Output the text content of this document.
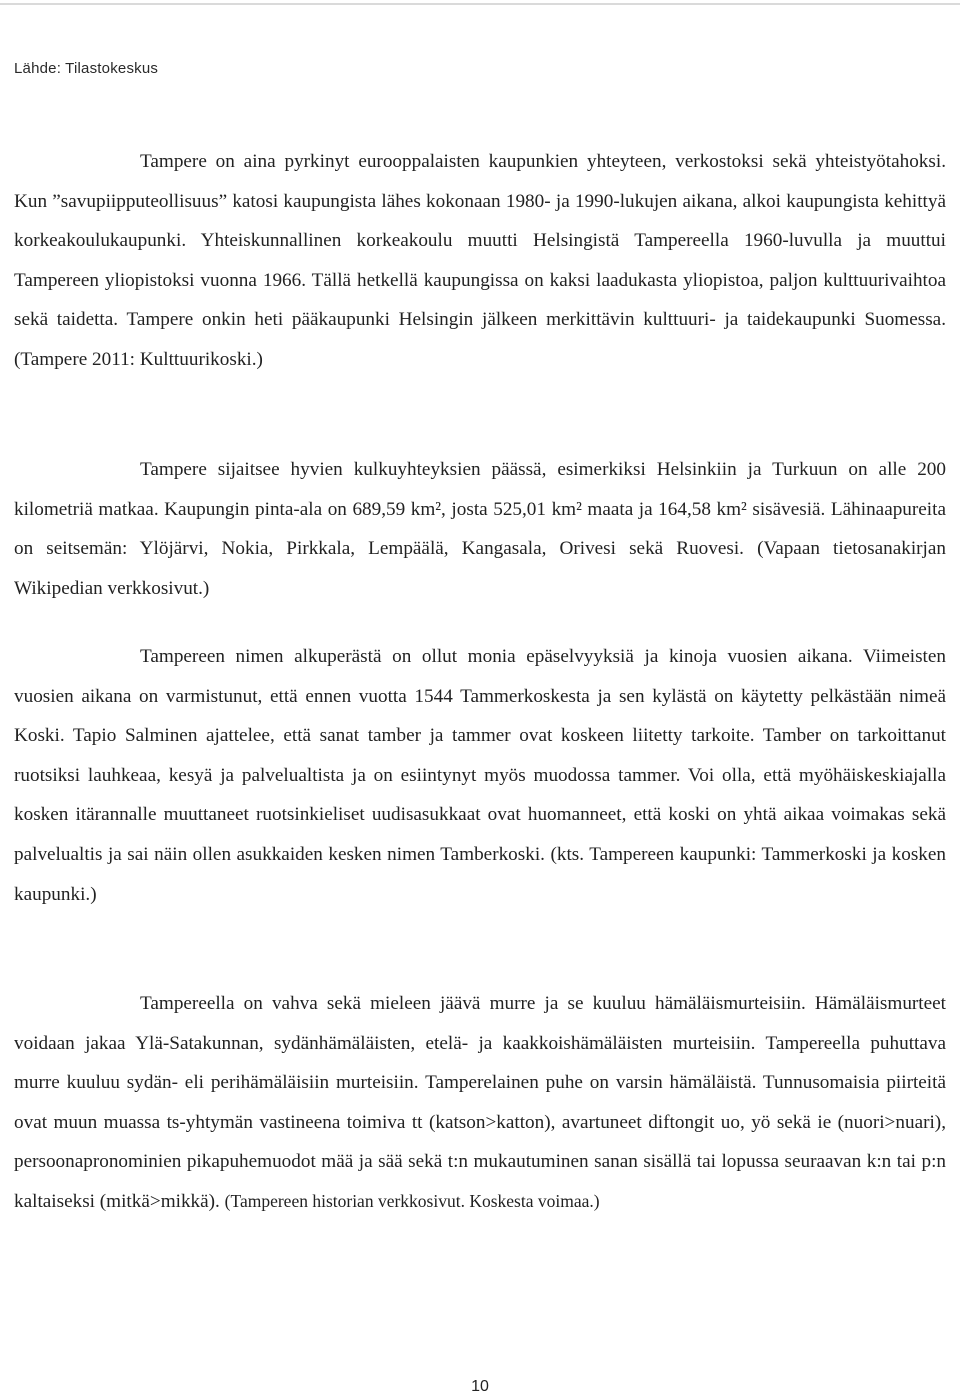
Lähde: Tilastokeskus

Tampere on aina pyrkinyt eurooppalaisten kaupunkien yhteyteen, verkostoksi sekä yhteistyötahoksi. Kun ”savupiipputeollisuus” katosi kaupungista lähes kokonaan 1980- ja 1990-lukujen aikana, alkoi kaupungista kehittyä korkeakoulukaupunki. Yhteiskunnallinen korkeakoulu muutti Helsingistä Tampereella 1960-luvulla ja muuttui Tampereen yliopistoksi vuonna 1966. Tällä hetkellä kaupungissa on kaksi laadukasta yliopistoa, paljon kulttuurivaihtoa sekä taidetta. Tampere onkin heti pääkaupunki Helsingin jälkeen merkittävin kulttuuri- ja taidekaupunki Suomessa. (Tampere 2011: Kulttuurikoski.)

Tampere sijaitsee hyvien kulkuyhteyksien päässä, esimerkiksi Helsinkiin ja Turkuun on alle 200 kilometriä matkaa. Kaupungin pinta-ala on 689,59 km², josta 525,01 km² maata ja 164,58 km² sisävesiä. Lähinaapureita on seitsemän: Ylöjärvi, Nokia, Pirkkala, Lempäälä, Kangasala, Orivesi sekä Ruovesi. (Vapaan tietosanakirjan Wikipedian verkkosivut.)

Tampereen nimen alkuperästä on ollut monia epäselvyyksiä ja kinoja vuosien aikana. Viimeisten vuosien aikana on varmistunut, että ennen vuotta 1544 Tammerkoskesta ja sen kylästä on käytetty pelkästään nimeä Koski. Tapio Salminen ajattelee, että sanat tamber ja tammer ovat koskeen liitetty tarkoite. Tamber on tarkoittanut ruotsiksi lauhkeaa, kesyä ja palvelualtista ja on esiintynyt myös muodossa tammer. Voi olla, että myöhäiskeskiajalla kosken itärannalle muuttaneet ruotsinkieliset uudisasukkaat ovat huomanneet, että koski on yhtä aikaa voimakas sekä palvelualtis ja sai näin ollen asukkaiden kesken nimen Tamberkoski. (kts. Tampereen kaupunki: Tammerkoski ja kosken kaupunki.)

Tampereella on vahva sekä mieleen jäävä murre ja se kuuluu hämäläismurteisiin. Hämäläismurteet voidaan jakaa Ylä-Satakunnan, sydänhämäläisten, etelä- ja kaakkoishämäläisten murteisiin. Tampereella puhuttava murre kuuluu sydän- eli perihämäläisiin murteisiin. Tamperelainen puhe on varsin hämäläistä. Tunnusomaisia piirteitä ovat muun muassa ts-yhtymän vastineena toimiva tt (katson>katton), avartuneet diftongit uo, yö sekä ie (nuori>nuari), persoonapronominien pikapuhemuodot mää ja sää sekä t:n mukautuminen sanan sisällä tai lopussa seuraavan k:n tai p:n kaltaiseksi (mitkä>mikkä). (Tampereen historian verkkosivut. Koskesta voimaa.)

10
